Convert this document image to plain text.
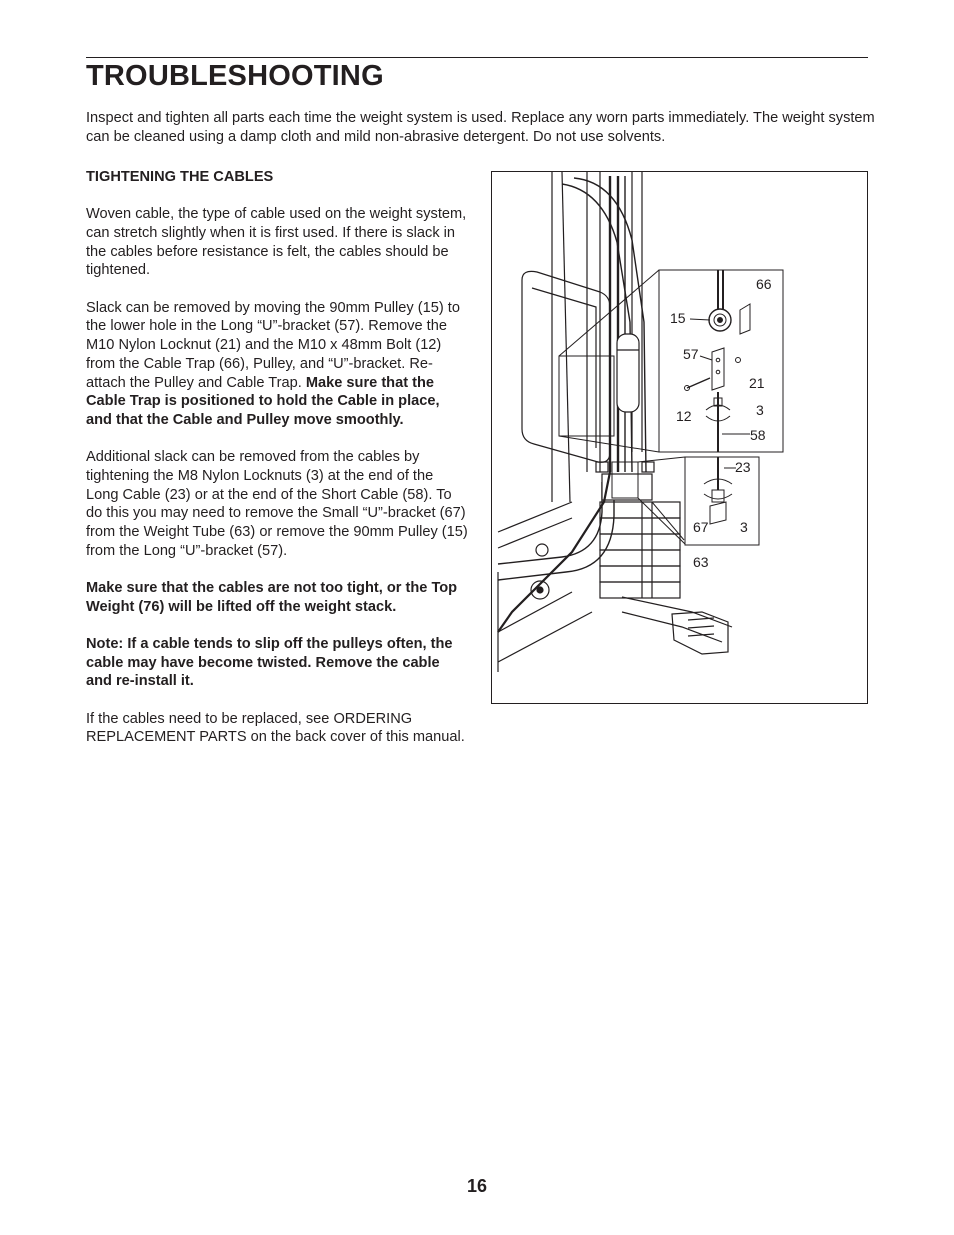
TROUBLESHOOTING

Inspect and tighten all parts each time the weight system is used. Replace any worn parts immediately. The weight system can be cleaned using a damp cloth and mild non-abrasive detergent. Do not use solvents.

TIGHTENING THE CABLES

Woven cable, the type of cable used on the weight system, can stretch slightly when it is first used. If there is slack in the cables before resistance is felt, the cables should be tightened.

Slack can be removed by moving the 90mm Pulley (15) to the lower hole in the Long “U”-bracket (57). Remove the M10 Nylon Locknut (21) and the M10 x 48mm Bolt (12) from the Cable Trap (66), Pulley, and “U”-bracket. Re-attach the Pulley and Cable Trap. Make sure that the Cable Trap is positioned to hold the Cable in place, and that the Cable and Pulley move smoothly.

Additional slack can be removed from the cables by tightening the M8 Nylon Locknuts (3) at the end of the Long Cable (23) or at the end of the Short Cable (58). To do this you may need to remove the Small “U”-bracket (67) from the Weight Tube (63) or remove the 90mm Pulley (15) from the Long “U”-bracket (57).

Make sure that the cables are not too tight, or the Top Weight (76) will be lifted off the weight stack.

Note: If a cable tends to slip off the pulleys often, the cable may have become twisted. Remove the cable and re-install it.

If the cables need to be replaced, see ORDERING REPLACEMENT PARTS on the back cover of this manual.

66
15
57
21
12	3
58
23
67 3
63

16
